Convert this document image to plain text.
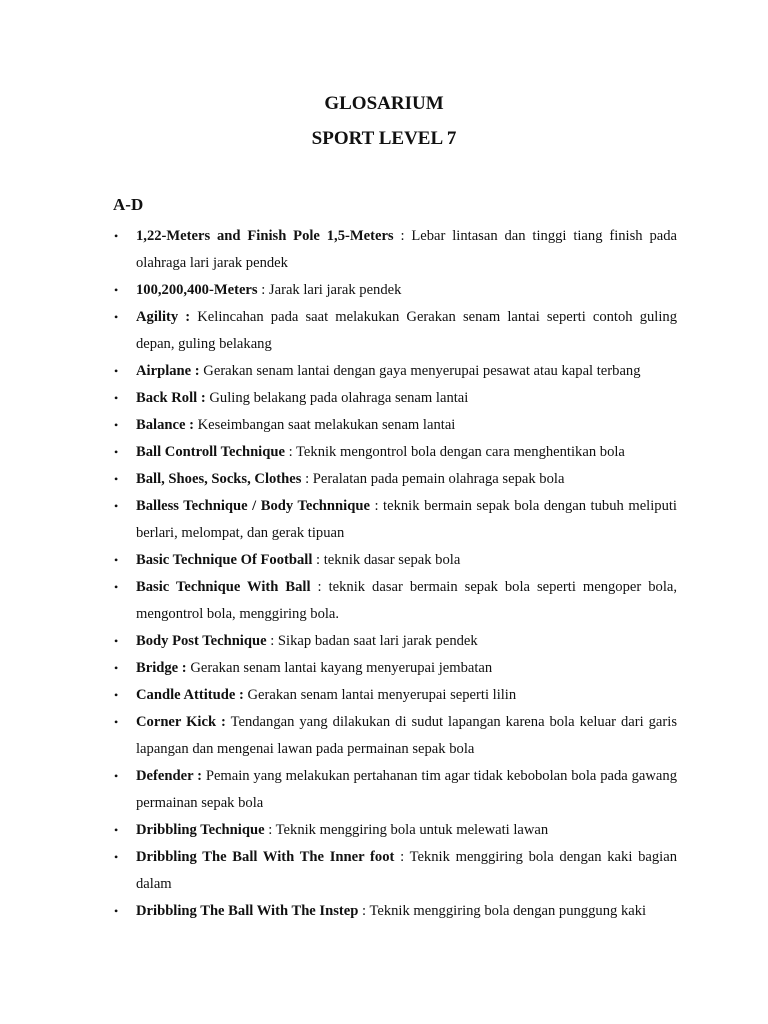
GLOSARIUM
SPORT LEVEL 7
A-D
• 1,22-Meters and Finish Pole 1,5-Meters : Lebar lintasan dan tinggi tiang finish pada olahraga lari jarak pendek
• 100,200,400-Meters : Jarak lari jarak pendek
• Agility : Kelincahan pada saat melakukan Gerakan senam lantai seperti contoh guling depan, guling belakang
• Airplane : Gerakan senam lantai dengan gaya menyerupai pesawat atau kapal terbang
• Back Roll : Guling belakang pada olahraga senam lantai
• Balance : Keseimbangan saat melakukan senam lantai
• Ball Controll Technique : Teknik mengontrol bola dengan cara menghentikan bola
• Ball, Shoes, Socks, Clothes : Peralatan pada pemain olahraga sepak bola
• Balless Technique / Body Technnique : teknik bermain sepak bola dengan tubuh meliputi berlari, melompat, dan gerak tipuan
• Basic Technique Of Football : teknik dasar sepak bola
• Basic Technique With Ball : teknik dasar bermain sepak bola seperti mengoper bola, mengontrol bola, menggiring bola.
• Body Post Technique : Sikap badan saat lari jarak pendek
• Bridge : Gerakan senam lantai kayang menyerupai jembatan
• Candle Attitude : Gerakan senam lantai menyerupai seperti lilin
• Corner Kick : Tendangan yang dilakukan di sudut lapangan karena bola keluar dari garis lapangan dan mengenai lawan pada permainan sepak bola
• Defender : Pemain yang melakukan pertahanan tim agar tidak kebobolan bola pada gawang permainan sepak bola
• Dribbling Technique : Teknik menggiring bola untuk melewati lawan
• Dribbling The Ball With The Inner foot : Teknik menggiring bola dengan kaki bagian dalam
• Dribbling The Ball With The Instep : Teknik menggiring bola dengan punggung kaki
